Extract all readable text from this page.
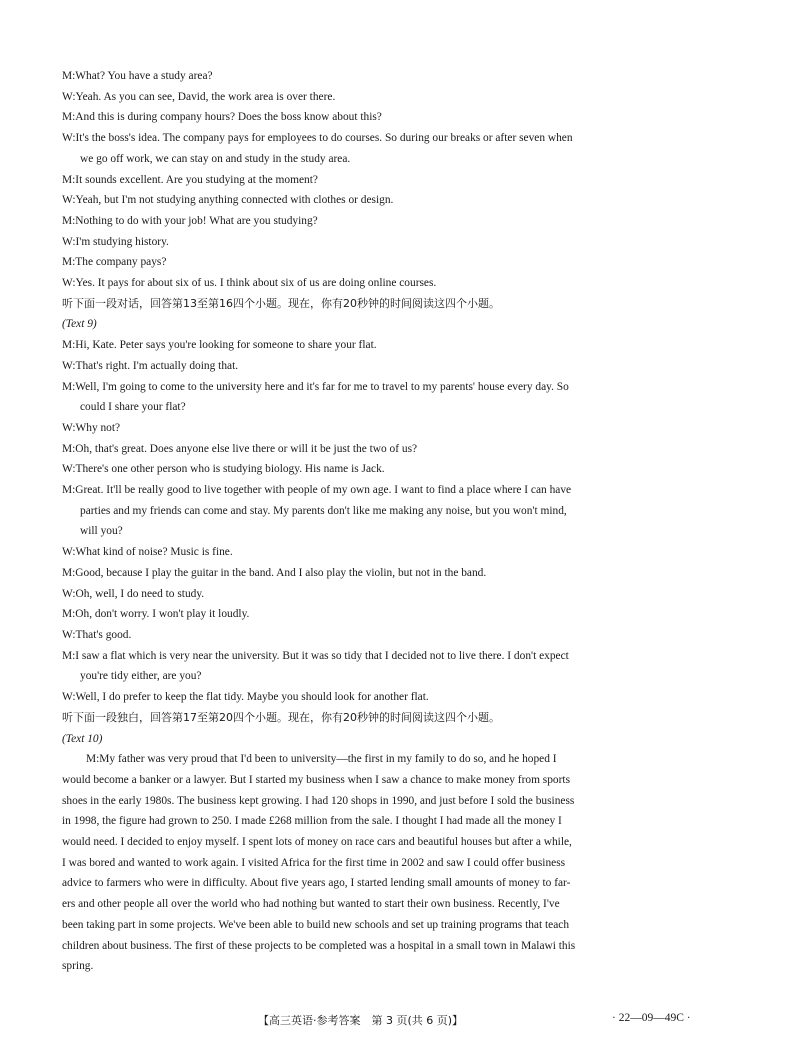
M:What? You have a study area?
W:Yeah. As you can see, David, the work area is over there.
M:And this is during company hours? Does the boss know about this?
W:It's the boss's idea. The company pays for employees to do courses. So during our breaks or after seven when
we go off work, we can stay on and study in the study area.
M:It sounds excellent. Are you studying at the moment?
W:Yeah, but I'm not studying anything connected with clothes or design.
M:Nothing to do with your job! What are you studying?
W:I'm studying history.
M:The company pays?
W:Yes. It pays for about six of us. I think about six of us are doing online courses.
听下面一段对话，回答第13至第16四个小题。现在，你有20秒钟的时间阅读这四个小题。
(Text 9)
M:Hi, Kate. Peter says you're looking for someone to share your flat.
W:That's right. I'm actually doing that.
M:Well, I'm going to come to the university here and it's far for me to travel to my parents' house every day. So
could I share your flat?
W:Why not?
M:Oh, that's great. Does anyone else live there or will it be just the two of us?
W:There's one other person who is studying biology. His name is Jack.
M:Great. It'll be really good to live together with people of my own age. I want to find a place where I can have
parties and my friends can come and stay. My parents don't like me making any noise, but you won't mind,
will you?
W:What kind of noise? Music is fine.
M:Good, because I play the guitar in the band. And I also play the violin, but not in the band.
W:Oh, well, I do need to study.
M:Oh, don't worry. I won't play it loudly.
W:That's good.
M:I saw a flat which is very near the university. But it was so tidy that I decided not to live there. I don't expect
you're tidy either, are you?
W:Well, I do prefer to keep the flat tidy. Maybe you should look for another flat.
听下面一段独白，回答第17至第20四个小题。现在，你有20秒钟的时间阅读这四个小题。
(Text 10)
M:My father was very proud that I'd been to university—the first in my family to do so, and he hoped I
would become a banker or a lawyer. But I started my business when I saw a chance to make money from sports
shoes in the early 1980s. The business kept growing. I had 120 shops in 1990, and just before I sold the business
in 1998, the figure had grown to 250. I made £268 million from the sale. I thought I had made all the money I
would need. I decided to enjoy myself. I spent lots of money on race cars and beautiful houses but after a while,
I was bored and wanted to work again. I visited Africa for the first time in 2002 and saw I could offer business
advice to farmers who were in difficulty. About five years ago, I started lending small amounts of money to far-
ers and other people all over the world who had nothing but wanted to start their own business. Recently, I've
been taking part in some projects. We've been able to build new schools and set up training programs that teach
children about business. The first of these projects to be completed was a hospital in a small town in Malawi this
spring.
【高三英语·参考答案　第 3 页(共 6 页)】	· 22—09—49C ·
